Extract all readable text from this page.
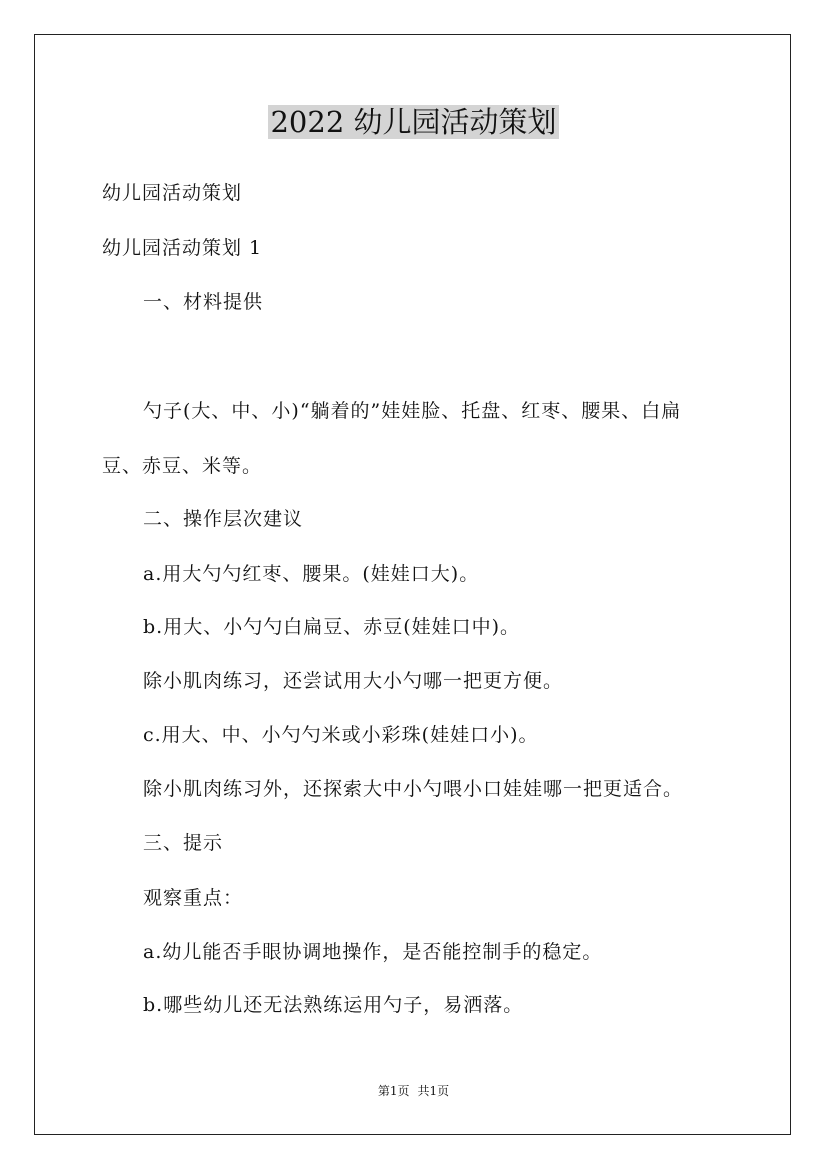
2022 幼儿园活动策划
幼儿园活动策划
幼儿园活动策划 1
一、材料提供
勺子(大、中、小)“躺着的”娃娃脸、托盘、红枣、腰果、白扁
豆、赤豆、米等。
二、操作层次建议
a.用大勺勺红枣、腰果。(娃娃口大)。
b.用大、小勺勺白扁豆、赤豆(娃娃口中)。
除小肌肉练习，还尝试用大小勺哪一把更方便。
c.用大、中、小勺勺米或小彩珠(娃娃口小)。
除小肌肉练习外，还探索大中小勺喂小口娃娃哪一把更适合。
三、提示
观察重点：
a.幼儿能否手眼协调地操作，是否能控制手的稳定。
b.哪些幼儿还无法熟练运用勺子，易洒落。
第1页 共1页
